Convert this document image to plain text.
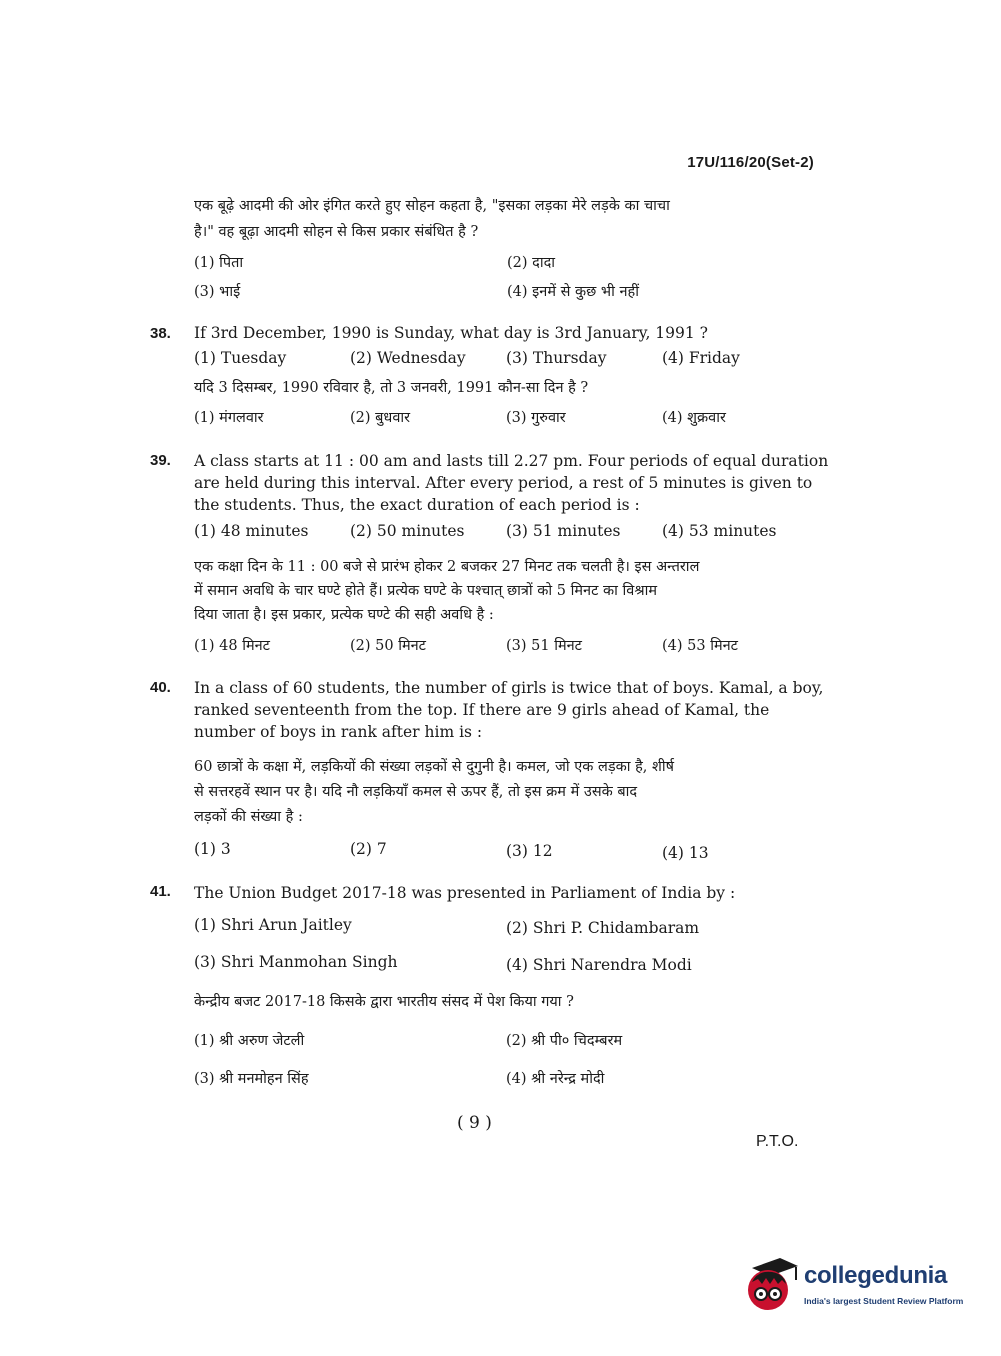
17U/116/20(Set-2)
एक बूढ़े आदमी की ओर इंगित करते हुए सोहन कहता है, "इसका लड़का मेरे लड़के का चाचा
है।" वह बूढ़ा आदमी सोहन से किस प्रकार संबंधित है ?
(1) पिता	(2) दादा
(3) भाई	(4) इनमें से कुछ भी नहीं
38. If 3rd December, 1990 is Sunday, what day is 3rd January, 1991 ?
(1) Tuesday	(2) Wednesday	(3) Thursday	(4) Friday
यदि 3 दिसम्बर, 1990 रविवार है, तो 3 जनवरी, 1991 कौन-सा दिन है ?
(1) मंगलवार	(2) बुधवार	(3) गुरुवार	(4) शुक्रवार
39. A class starts at 11 : 00 am and lasts till 2.27 pm. Four periods of equal duration
are held during this interval. After every period, a rest of 5 minutes is given to
the students. Thus, the exact duration of each period is :
(1) 48 minutes	(2) 50 minutes	(3) 51 minutes	(4) 53 minutes
एक कक्षा दिन के 11 : 00 बजे से प्रारंभ होकर 2 बजकर 27 मिनट तक चलती है। इस अन्तराल
में समान अवधि के चार घण्टे होते हैं। प्रत्येक घण्टे के पश्चात् छात्रों को 5 मिनट का विश्राम
दिया जाता है। इस प्रकार, प्रत्येक घण्टे की सही अवधि है :
(1) 48 मिनट	(2) 50 मिनट	(3) 51 मिनट	(4) 53 मिनट
40. In a class of 60 students, the number of girls is twice that of boys. Kamal, a boy,
ranked seventeenth from the top. If there are 9 girls ahead of Kamal, the
number of boys in rank after him is :
60 छात्रों के कक्षा में, लड़कियों की संख्या लड़कों से दुगुनी है। कमल, जो एक लड़का है, शीर्ष
से सत्तरहवें स्थान पर है। यदि नौ लड़कियाँ कमल से ऊपर हैं, तो इस क्रम में उसके बाद
लड़कों की संख्या है :
(1) 3	(2) 7	(3) 12	(4) 13
41. The Union Budget 2017-18 was presented in Parliament of India by :
(1) Shri Arun Jaitley	(2) Shri P. Chidambaram
(3) Shri Manmohan Singh	(4) Shri Narendra Modi
केन्द्रीय बजट 2017-18 किसके द्वारा भारतीय संसद में पेश किया गया ?
(1) श्री अरुण जेटली	(2) श्री पी० चिदम्बरम
(3) श्री मनमोहन सिंह	(4) श्री नरेन्द्र मोदी
( 9 )
P.T.O.
collegedunia
India's largest Student Review Platform
